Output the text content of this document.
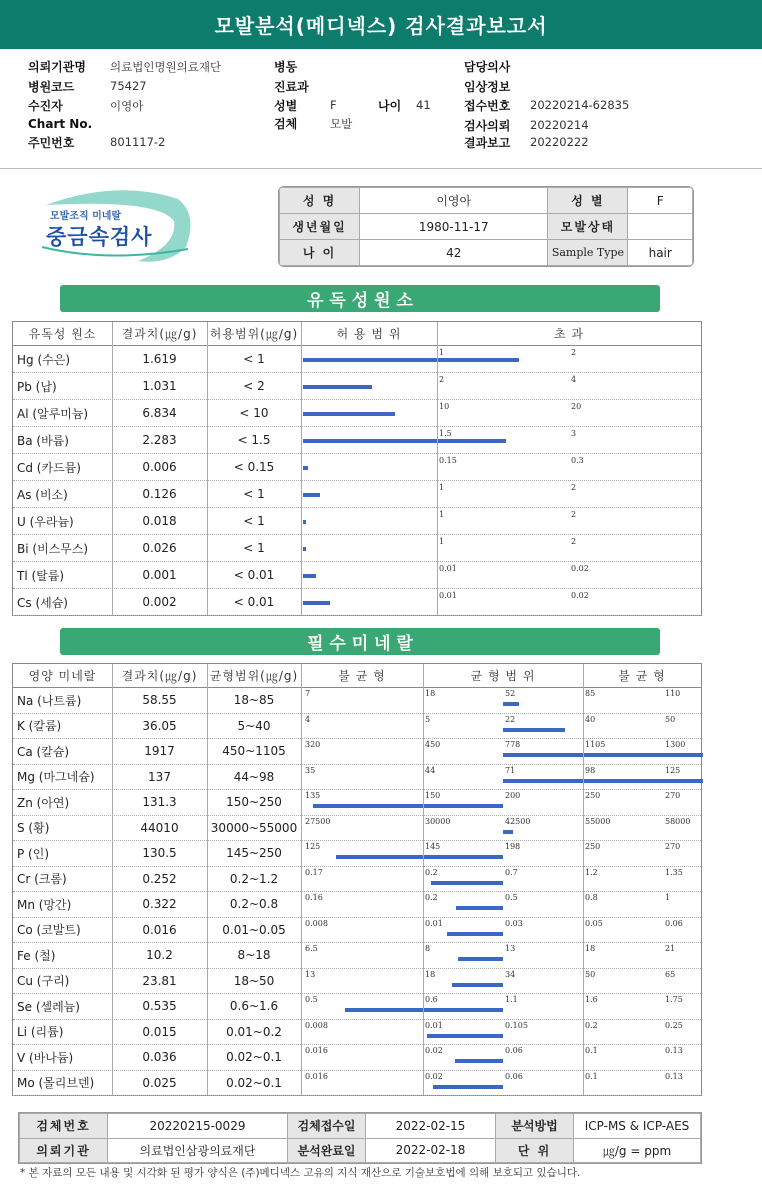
모발분석(메디넥스) 검사결과보고서
의뢰기관명 의료법인명원의료재단
병원코드	75427
수진자	이영아
Chart No.
주민번호	801117-2
병동
진료과
성별	F	나이 41
검체	모발
담당의사
임상정보
접수번호 20220214-62835
검사의뢰 20220214
결과보고 20220222
모발조직 미네랄
중금속검사
성 명	이영아	성 별	F
생년월일	1980-11-17	모발상태	
나 이	42	Sample Type	hair
유 독 성 원 소
유독성 원소	결과치(㎍/g)	허용범위(㎍/g)	허 용 범 위	초 과
Hg (수은)	1.619	< 1	1	2
Pb (납)	1.031	< 2	2	4
Al (알루미늄)	6.834	< 10	10	20
Ba (바륨)	2.283	< 1.5	1.5	3
Cd (카드뮴)	0.006	< 0.15	0.15	0.3
As (비소)	0.126	< 1	1	2
U (우라늄)	0.018	< 1	1	2
Bi (비스무스)	0.026	< 1	1	2
Tl (탈륨)	0.001	< 0.01	0.01	0.02
Cs (세슘)	0.002	< 0.01	0.01	0.02
필 수 미 네 랄
영양 미네랄	결과치(㎍/g)	균형범위(㎍/g)	불 균 형	균 형 범 위	불 균 형
Na (나트륨)	58.55	18~85	7	18	52	85	110
K (칼륨)	36.05	5~40	4	5	22	40	50
Ca (칼슘)	1917	450~1105	320	450	778	1105	1300
Mg (마그네슘)	137	44~98	35	44	71	98	125
Zn (아연)	131.3	150~250	135	150	200	250	270
S (황)	44010	30000~55000 27500	30000	42500	55000	58000
P (인)	130.5	145~250	125	145	198	250	270
Cr (크롬)	0.252	0.2~1.2	0.17	0.2	0.7	1.2	1.35
Mn (망간)	0.322	0.2~0.8	0.16	0.2	0.5	0.8	1
Co (코발트)	0.016	0.01~0.05	0.008	0.01	0.03	0.05	0.06
Fe (철)	10.2	8~18	6.5	8	13	18	21
Cu (구리)	23.81	18~50	13	18	34	50	65
Se (셀레늄)	0.535	0.6~1.6	0.5	0.6	1.1	1.6	1.75
Li (리튬)	0.015	0.01~0.2	0.008	0.01	0.105	0.2	0.25
V (바나듐)	0.036	0.02~0.1	0.016	0.02	0.06	0.1	0.13
Mo (몰리브덴)	0.025	0.02~0.1	0.016	0.02	0.06	0.1	0.13
검체번호	20220215-0029	검체접수일	2022-02-15	분석방법	ICP-MS & ICP-AES
의뢰기관	의료법인삼광의료재단	분석완료일	2022-02-18	단 위	㎍/g = ppm
* 본 자료의 모든 내용 및 시각화 된 평가 양식은 (주)메디넥스 고유의 지식 재산으로 기술보호법에 의해 보호되고 있습니다.
